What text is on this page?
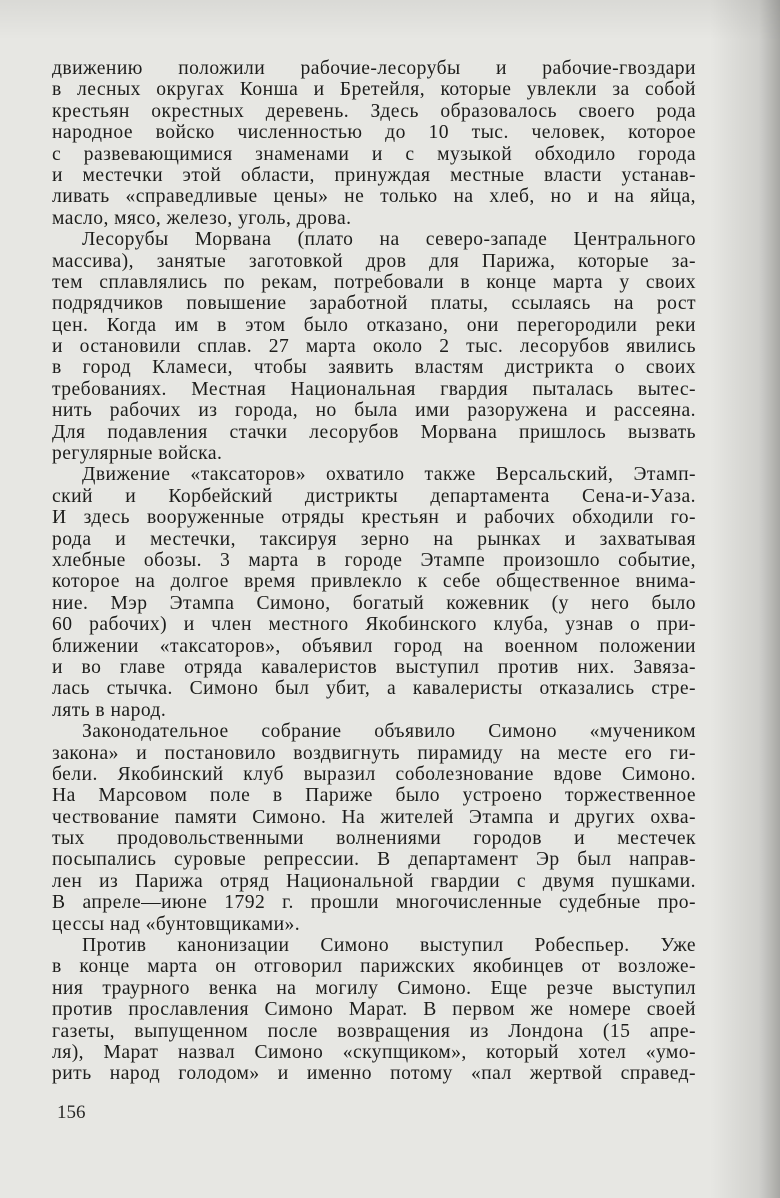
движению положили рабочие-лесорубы и рабочие-гвоздари
в лесных округах Конша и Бретейля, которые увлекли за собой
крестьян окрестных деревень. Здесь образовалось своего рода
народное войско численностью до 10 тыс. человек, которое
с развевающимися знаменами и с музыкой обходило города
и местечки этой области, принуждая местные власти устанав-
ливать «справедливые цены» не только на хлеб, но и на яйца,
масло, мясо, железо, уголь, дрова.
Лесорубы Морвана (плато на северо-западе Центрального
массива), занятые заготовкой дров для Парижа, которые за-
тем сплавлялись по рекам, потребовали в конце марта у своих
подрядчиков повышение заработной платы, ссылаясь на рост
цен. Когда им в этом было отказано, они перегородили реки
и остановили сплав. 27 марта около 2 тыс. лесорубов явились
в город Кламеси, чтобы заявить властям дистрикта о своих
требованиях. Местная Национальная гвардия пыталась вытес-
нить рабочих из города, но была ими разоружена и рассеяна.
Для подавления стачки лесорубов Морвана пришлось вызвать
регулярные войска.
Движение «таксаторов» охватило также Версальский, Этамп-
ский и Корбейский дистрикты департамента Сена-и-Уаза.
И здесь вооруженные отряды крестьян и рабочих обходили го-
рода и местечки, таксируя зерно на рынках и захватывая
хлебные обозы. 3 марта в городе Этампе произошло событие,
которое на долгое время привлекло к себе общественное внима-
ние. Мэр Этампа Симоно, богатый кожевник (у него было
60 рабочих) и член местного Якобинского клуба, узнав о при-
ближении «таксаторов», объявил город на военном положении
и во главе отряда кавалеристов выступил против них. Завяза-
лась стычка. Симоно был убит, а кавалеристы отказались стре-
лять в народ.
Законодательное собрание объявило Симоно «мучеником
закона» и постановило воздвигнуть пирамиду на месте его ги-
бели. Якобинский клуб выразил соболезнование вдове Симоно.
На Марсовом поле в Париже было устроено торжественное
чествование памяти Симоно. На жителей Этампа и других охва-
тых продовольственными волнениями городов и местечек
посыпались суровые репрессии. В департамент Эр был направ-
лен из Парижа отряд Национальной гвардии с двумя пушками.
В апреле—июне 1792 г. прошли многочисленные судебные про-
цессы над «бунтовщиками».
Против канонизации Симоно выступил Робеспьер. Уже
в конце марта он отговорил парижских якобинцев от возложе-
ния траурного венка на могилу Симоно. Еще резче выступил
против прославления Симоно Марат. В первом же номере своей
газеты, выпущенном после возвращения из Лондона (15 апре-
ля), Марат назвал Симоно «скупщиком», который хотел «умо-
рить народ голодом» и именно потому «пал жертвой справед-
156
